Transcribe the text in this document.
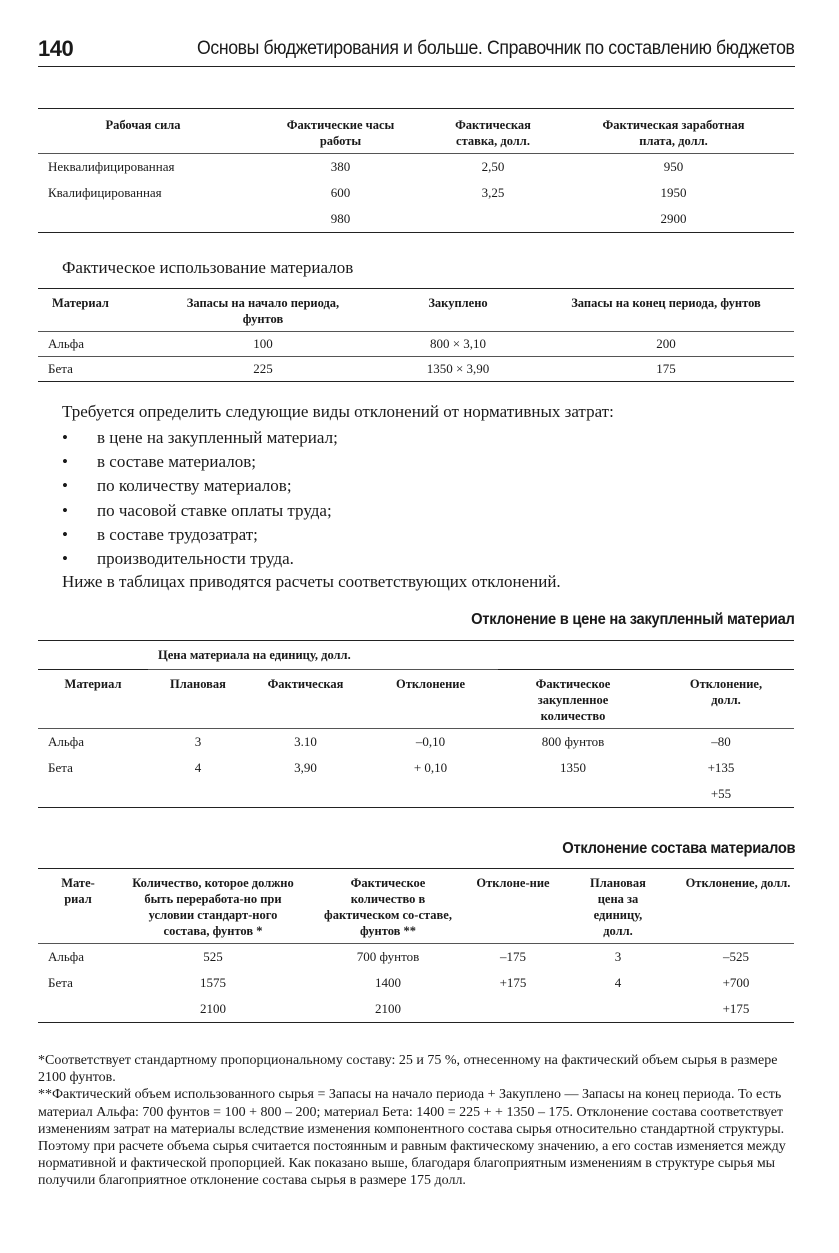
140	Основы бюджетирования и больше. Справочник по составлению бюджетов
Рабочая сила	Фактические часы работы	Фактическая ставка, долл.	Фактическая заработная плата, долл.
Неквалифицированная	380	2,50	950
Квалифицированная	600	3,25	1950
	980		2900
Фактическое использование материалов
Материал	Запасы на начало периода, фунтов	Закуплено	Запасы на конец периода, фунтов
Альфа	100	800 × 3,10	200
Бета	225	1350 × 3,90	175
Требуется определить следующие виды отклонений от нормативных затрат:
• в цене на закупленный материал;
• в составе материалов;
• по количеству материалов;
• по часовой ставке оплаты труда;
• в составе трудозатрат;
• производительности труда.
Ниже в таблицах приводятся расчеты соответствующих отклонений.
Отклонение в цене на закупленный материал
	Цена материала на единицу, долл.				
Материал	Плановая	Фактическая	Отклонение	Фактическое закупленное количество	Отклонение, долл.
Альфа	3	3.10	–0,10	800 фунтов	–80
Бета	4	3,90	+ 0,10	1350	+135
					+55
Отклонение состава материалов
Мате-риал	Количество, которое должно быть переработа-но при условии стандарт-ного состава, фунтов *	Фактическое количество в фактическом со-ставе, фунтов **	Отклоне-ние	Плановая цена за единицу, долл.	Отклонение, долл.
Альфа	525	700 фунтов	–175	3	–525
Бета	1575	1400	+175	4	+700
	2100	2100			+175

*Соответствует стандартному пропорциональному составу: 25 и 75 %, отнесенному на фактический объем сырья в размере 2100 фунтов.

**Фактический объем использованного сырья = Запасы на начало периода + Закуплено — Запасы на конец периода. То есть материал Альфа: 700 фунтов = 100 + 800 – 200; материал Бета: 1400 = 225 + + 1350 – 175. Отклонение состава соответствует изменениям затрат на материалы вследствие изменения компонентного состава сырья относительно стандартной структуры. Поэтому при расчете объема сырья считается постоянным и равным фактическому значению, а его состав изменяется между нормативной и фактической пропорцией. Как показано выше, благодаря благоприятным изменениям в структуре сырья мы получили благоприятное отклонение состава сырья в размере 175 долл.
